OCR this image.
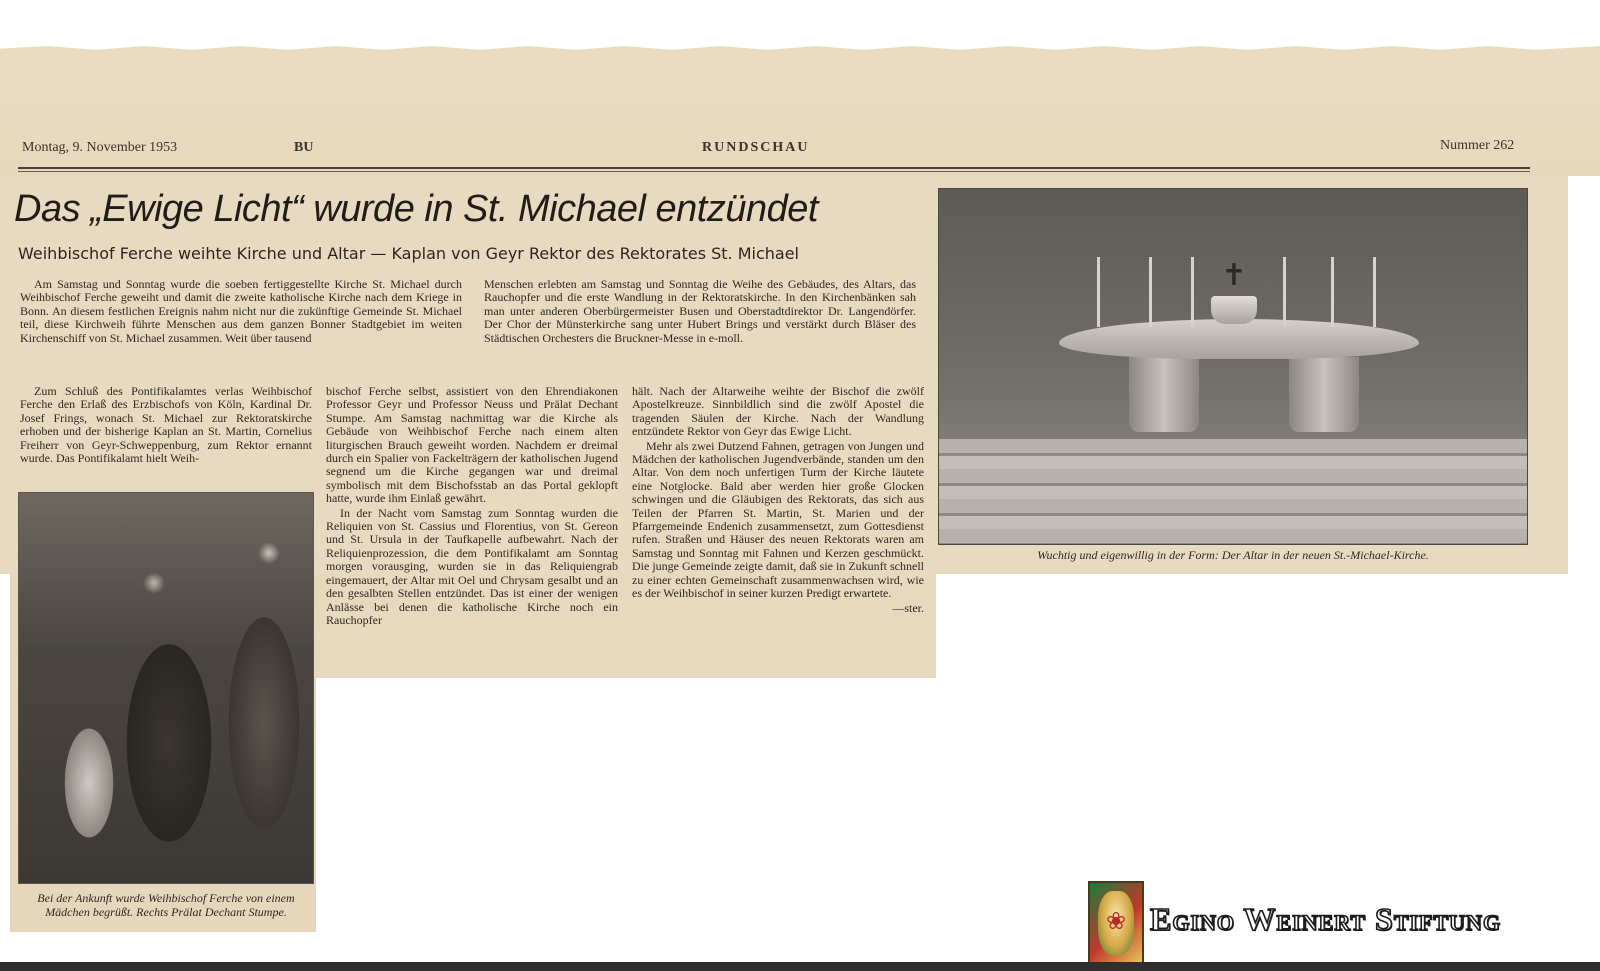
Montag, 9. November 1953	BU	RUNDSCHAU	Nummer 262
Das „Ewige Licht“ wurde in St. Michael entzündet
Weihbischof Ferche weihte Kirche und Altar — Kaplan von Geyr Rektor des Rektorates St. Michael

Am Samstag und Sonntag wurde die soeben fertiggestellte Kirche St. Michael durch Weihbischof Ferche geweiht und damit die zweite katholische Kirche nach dem Kriege in Bonn. An diesem festlichen Ereignis nahm nicht nur die zukünftige Gemeinde St. Michael teil, diese Kirchweih führte Menschen aus dem ganzen Bonner Stadtgebiet im weiten Kirchenschiff von St. Michael zusammen. Weit über tausend

Menschen erlebten am Samstag und Sonntag die Weihe des Gebäudes, des Altars, das Rauchopfer und die erste Wandlung in der Rektoratskirche. In den Kirchenbänken sah man unter anderen Oberbürgermeister Busen und Oberstadtdirektor Dr. Langendörfer. Der Chor der Münsterkirche sang unter Hubert Brings und verstärkt durch Bläser des Städtischen Orchesters die Bruckner-Messe in e-moll.

Zum Schluß des Pontifikalamtes verlas Weihbischof Ferche den Erlaß des Erzbischofs von Köln, Kardinal Dr. Josef Frings, wonach St. Michael zur Rektoratskirche erhoben und der bisherige Kaplan an St. Martin, Cornelius Freiherr von Geyr-Schweppenburg, zum Rektor ernannt wurde. Das Pontifikalamt hielt Weih-

bischof Ferche selbst, assistiert von den Ehrendiakonen Professor Geyr und Professor Neuss und Prälat Dechant Stumpe. Am Samstag nachmittag war die Kirche als Gebäude von Weihbischof Ferche nach einem alten liturgischen Brauch geweiht worden. Nachdem er dreimal durch ein Spalier von Fackelträgern der katholischen Jugend segnend um die Kirche gegangen war und dreimal symbolisch mit dem Bischofsstab an das Portal geklopft hatte, wurde ihm Einlaß gewährt.

In der Nacht vom Samstag zum Sonntag wurden die Reliquien von St. Cassius und Florentius, von St. Gereon und St. Ursula in der Taufkapelle aufbewahrt. Nach der Reliquienprozession, die dem Pontifikalamt am Sonntag morgen vorausging, wurden sie in das Reliquiengrab eingemauert, der Altar mit Oel und Chrysam gesalbt und an den gesalbten Stellen entzündet. Das ist einer der wenigen Anlässe bei denen die katholische Kirche noch ein Rauchopfer

hält. Nach der Altarweihe weihte der Bischof die zwölf Apostelkreuze. Sinnbildlich sind die zwölf Apostel die tragenden Säulen der Kirche. Nach der Wandlung entzündete Rektor von Geyr das Ewige Licht.

Mehr als zwei Dutzend Fahnen, getragen von Jungen und Mädchen der katholischen Jugendverbände, standen um den Altar. Von dem noch unfertigen Turm der Kirche läutete eine Notglocke. Bald aber werden hier große Glocken schwingen und die Gläubigen des Rektorats, das sich aus Teilen der Pfarren St. Martin, St. Marien und der Pfarrgemeinde Endenich zusammensetzt, zum Gottesdienst rufen. Straßen und Häuser des neuen Rektorats waren am Samstag und Sonntag mit Fahnen und Kerzen geschmückt. Die junge Gemeinde zeigte damit, daß sie in Zukunft schnell zu einer echten Gemeinschaft zusammenwachsen wird, wie es der Weihbischof in seiner kurzen Predigt erwartete.

—ster.

Bei der Ankunft wurde Weihbischof Ferche von einem Mädchen begrüßt. Rechts Prälat Dechant Stumpe.
✝
Wuchtig und eigenwillig in der Form: Der Altar in der neuen St.-Michael-Kirche.
❀ Egino Weinert Stiftung
